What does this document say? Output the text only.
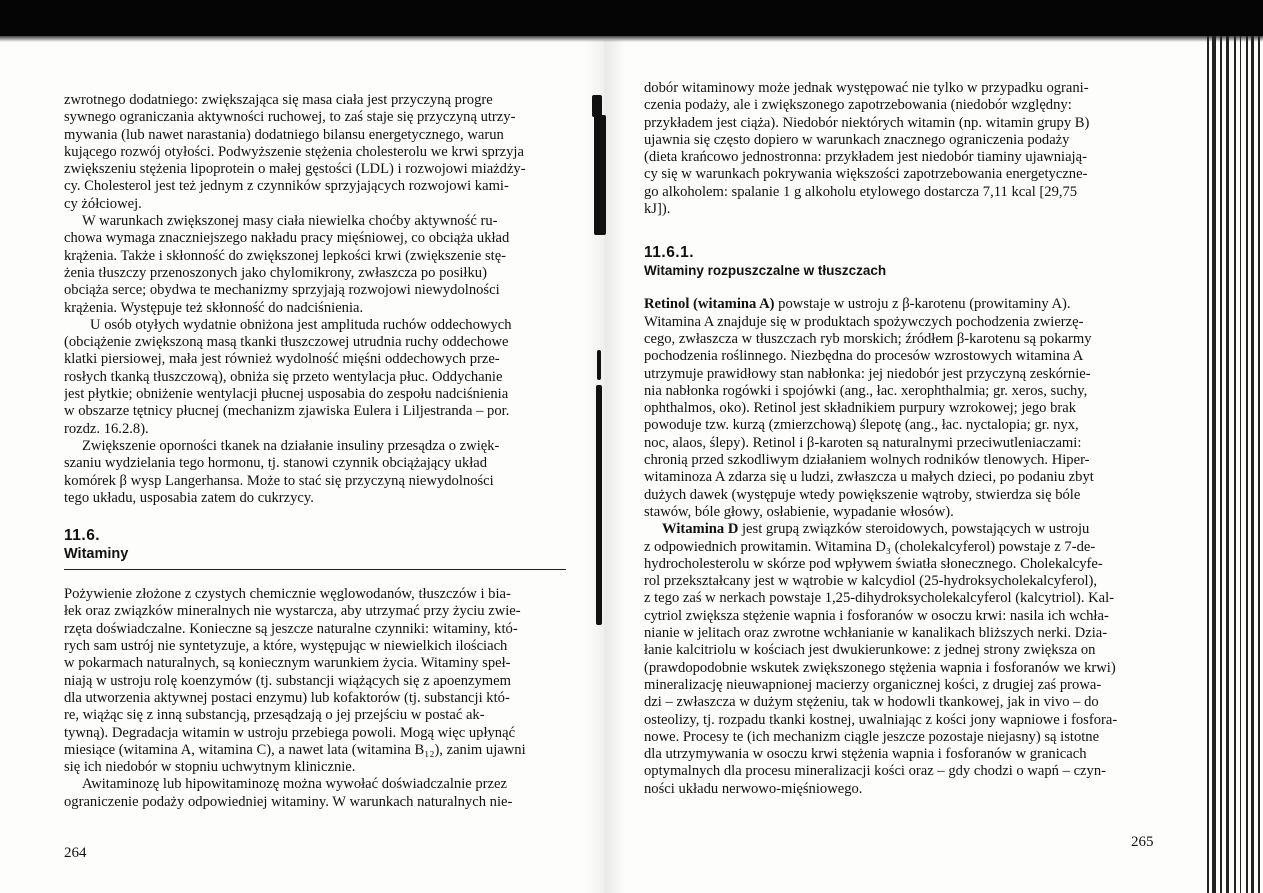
zwrotnego dodatniego: zwiększająca się masa ciała jest przyczyną progre
sywnego ograniczania aktywności ruchowej, to zaś staje się przyczyną utrzy-
mywania (lub nawet narastania) dodatniego bilansu energetycznego, warun
kującego rozwój otyłości. Podwyższenie stężenia cholesterolu we krwi sprzyja
zwiększeniu stężenia lipoprotein o małej gęstości (LDL) i rozwojowi miażdży-
cy. Cholesterol jest też jednym z czynników sprzyjających rozwojowi kami-
cy żółciowej.
W warunkach zwiększonej masy ciała niewielka choćby aktywność ru-
chowa wymaga znaczniejszego nakładu pracy mięśniowej, co obciąża układ
krążenia. Także i skłonność do zwiększonej lepkości krwi (zwiększenie stę-
żenia tłuszczy przenoszonych jako chylomikrony, zwłaszcza po posiłku)
obciąża serce; obydwa te mechanizmy sprzyjają rozwojowi niewydolności
krążenia. Występuje też skłonność do nadciśnienia.
U osób otyłych wydatnie obniżona jest amplituda ruchów oddechowych
(obciążenie zwiększoną masą tkanki tłuszczowej utrudnia ruchy oddechowe
klatki piersiowej, mała jest również wydolność mięśni oddechowych prze-
rosłych tkanką tłuszczową), obniża się przeto wentylacja płuc. Oddychanie
jest płytkie; obniżenie wentylacji płucnej usposabia do zespołu nadciśnienia
w obszarze tętnicy płucnej (mechanizm zjawiska Eulera i Liljestranda – por.
rozdz. 16.2.8).
Zwiększenie oporności tkanek na działanie insuliny przesądza o zwięk-
szaniu wydzielania tego hormonu, tj. stanowi czynnik obciążający układ
komórek β wysp Langerhansa. Może to stać się przyczyną niewydolności
tego układu, usposabia zatem do cukrzycy.
11.6.
Witaminy
Pożywienie złożone z czystych chemicznie węglowodanów, tłuszczów i bia-
łek oraz związków mineralnych nie wystarcza, aby utrzymać przy życiu zwie-
rzęta doświadczalne. Konieczne są jeszcze naturalne czynniki: witaminy, któ-
rych sam ustrój nie syntetyzuje, a które, występując w niewielkich ilościach
w pokarmach naturalnych, są koniecznym warunkiem życia. Witaminy speł-
niają w ustroju rolę koenzymów (tj. substancji wiążących się z apoenzymem
dla utworzenia aktywnej postaci enzymu) lub kofaktorów (tj. substancji któ-
re, wiążąc się z inną substancją, przesądzają o jej przejściu w postać ak-
tywną). Degradacja witamin w ustroju przebiega powoli. Mogą więc upłynąć
miesiące (witamina A, witamina C), a nawet lata (witamina B₁₂), zanim ujawni
się ich niedobór w stopniu uchwytnym klinicznie.
Awitaminozę lub hipowitaminozę można wywołać doświadczalnie przez
ograniczenie podaży odpowiedniej witaminy. W warunkach naturalnych nie-
264
dobór witaminowy może jednak występować nie tylko w przypadku ograni-
czenia podaży, ale i zwiększonego zapotrzebowania (niedobór względny:
przykładem jest ciąża). Niedobór niektórych witamin (np. witamin grupy B)
ujawnia się często dopiero w warunkach znacznego ograniczenia podaży
(dieta krańcowo jednostronna: przykładem jest niedobór tiaminy ujawniają-
cy się w warunkach pokrywania większości zapotrzebowania energetyczne-
go alkoholem: spalanie 1 g alkoholu etylowego dostarcza 7,11 kcal [29,75
kJ]).
11.6.1.
Witaminy rozpuszczalne w tłuszczach
Retinol (witamina A) powstaje w ustroju z β-karotenu (prowitaminy A).
Witamina A znajduje się w produktach spożywczych pochodzenia zwierzę-
cego, zwłaszcza w tłuszczach ryb morskich; źródłem β-karotenu są pokarmy
pochodzenia roślinnego. Niezbędna do procesów wzrostowych witamina A
utrzymuje prawidłowy stan nabłonka: jej niedobór jest przyczyną zeskórnie-
nia nabłonka rogówki i spojówki (ang., łac. xerophthalmia; gr. xeros, suchy,
ophthalmos, oko). Retinol jest składnikiem purpury wzrokowej; jego brak
powoduje tzw. kurzą (zmierzchową) ślepotę (ang., łac. nyctalopia; gr. nyx,
noc, alaos, ślepy). Retinol i β-karoten są naturalnymi przeciwutleniaczami:
chronią przed szkodliwym działaniem wolnych rodników tlenowych. Hiper-
witaminoza A zdarza się u ludzi, zwłaszcza u małych dzieci, po podaniu zbyt
dużych dawek (występuje wtedy powiększenie wątroby, stwierdza się bóle
stawów, bóle głowy, osłabienie, wypadanie włosów).
Witamina D jest grupą związków steroidowych, powstających w ustroju
z odpowiednich prowitamin. Witamina D₃ (cholekalcyferol) powstaje z 7-de-
hydrocholesterolu w skórze pod wpływem światła słonecznego. Cholekalcyfe-
rol przekształcany jest w wątrobie w kalcydiol (25-hydroksycholekalcyferol),
z tego zaś w nerkach powstaje 1,25-dihydroksycholekalcyferol (kalcytriol). Kal-
cytriol zwiększa stężenie wapnia i fosforanów w osoczu krwi: nasila ich wchła-
nianie w jelitach oraz zwrotne wchłanianie w kanalikach bliższych nerki. Dzia-
łanie kalcitriolu w kościach jest dwukierunkowe: z jednej strony zwiększa on
(prawdopodobnie wskutek zwiększonego stężenia wapnia i fosforanów we krwi)
mineralizację nieuwapnionej macierzy organicznej kości, z drugiej zaś prowa-
dzi – zwłaszcza w dużym stężeniu, tak w hodowli tkankowej, jak in vivo – do
osteolizy, tj. rozpadu tkanki kostnej, uwalniając z kości jony wapniowe i fosfora-
nowe. Procesy te (ich mechanizm ciągle jeszcze pozostaje niejasny) są istotne
dla utrzymywania w osoczu krwi stężenia wapnia i fosforanów w granicach
optymalnych dla procesu mineralizacji kości oraz – gdy chodzi o wapń – czyn-
ności układu nerwowo-mięśniowego.
265
